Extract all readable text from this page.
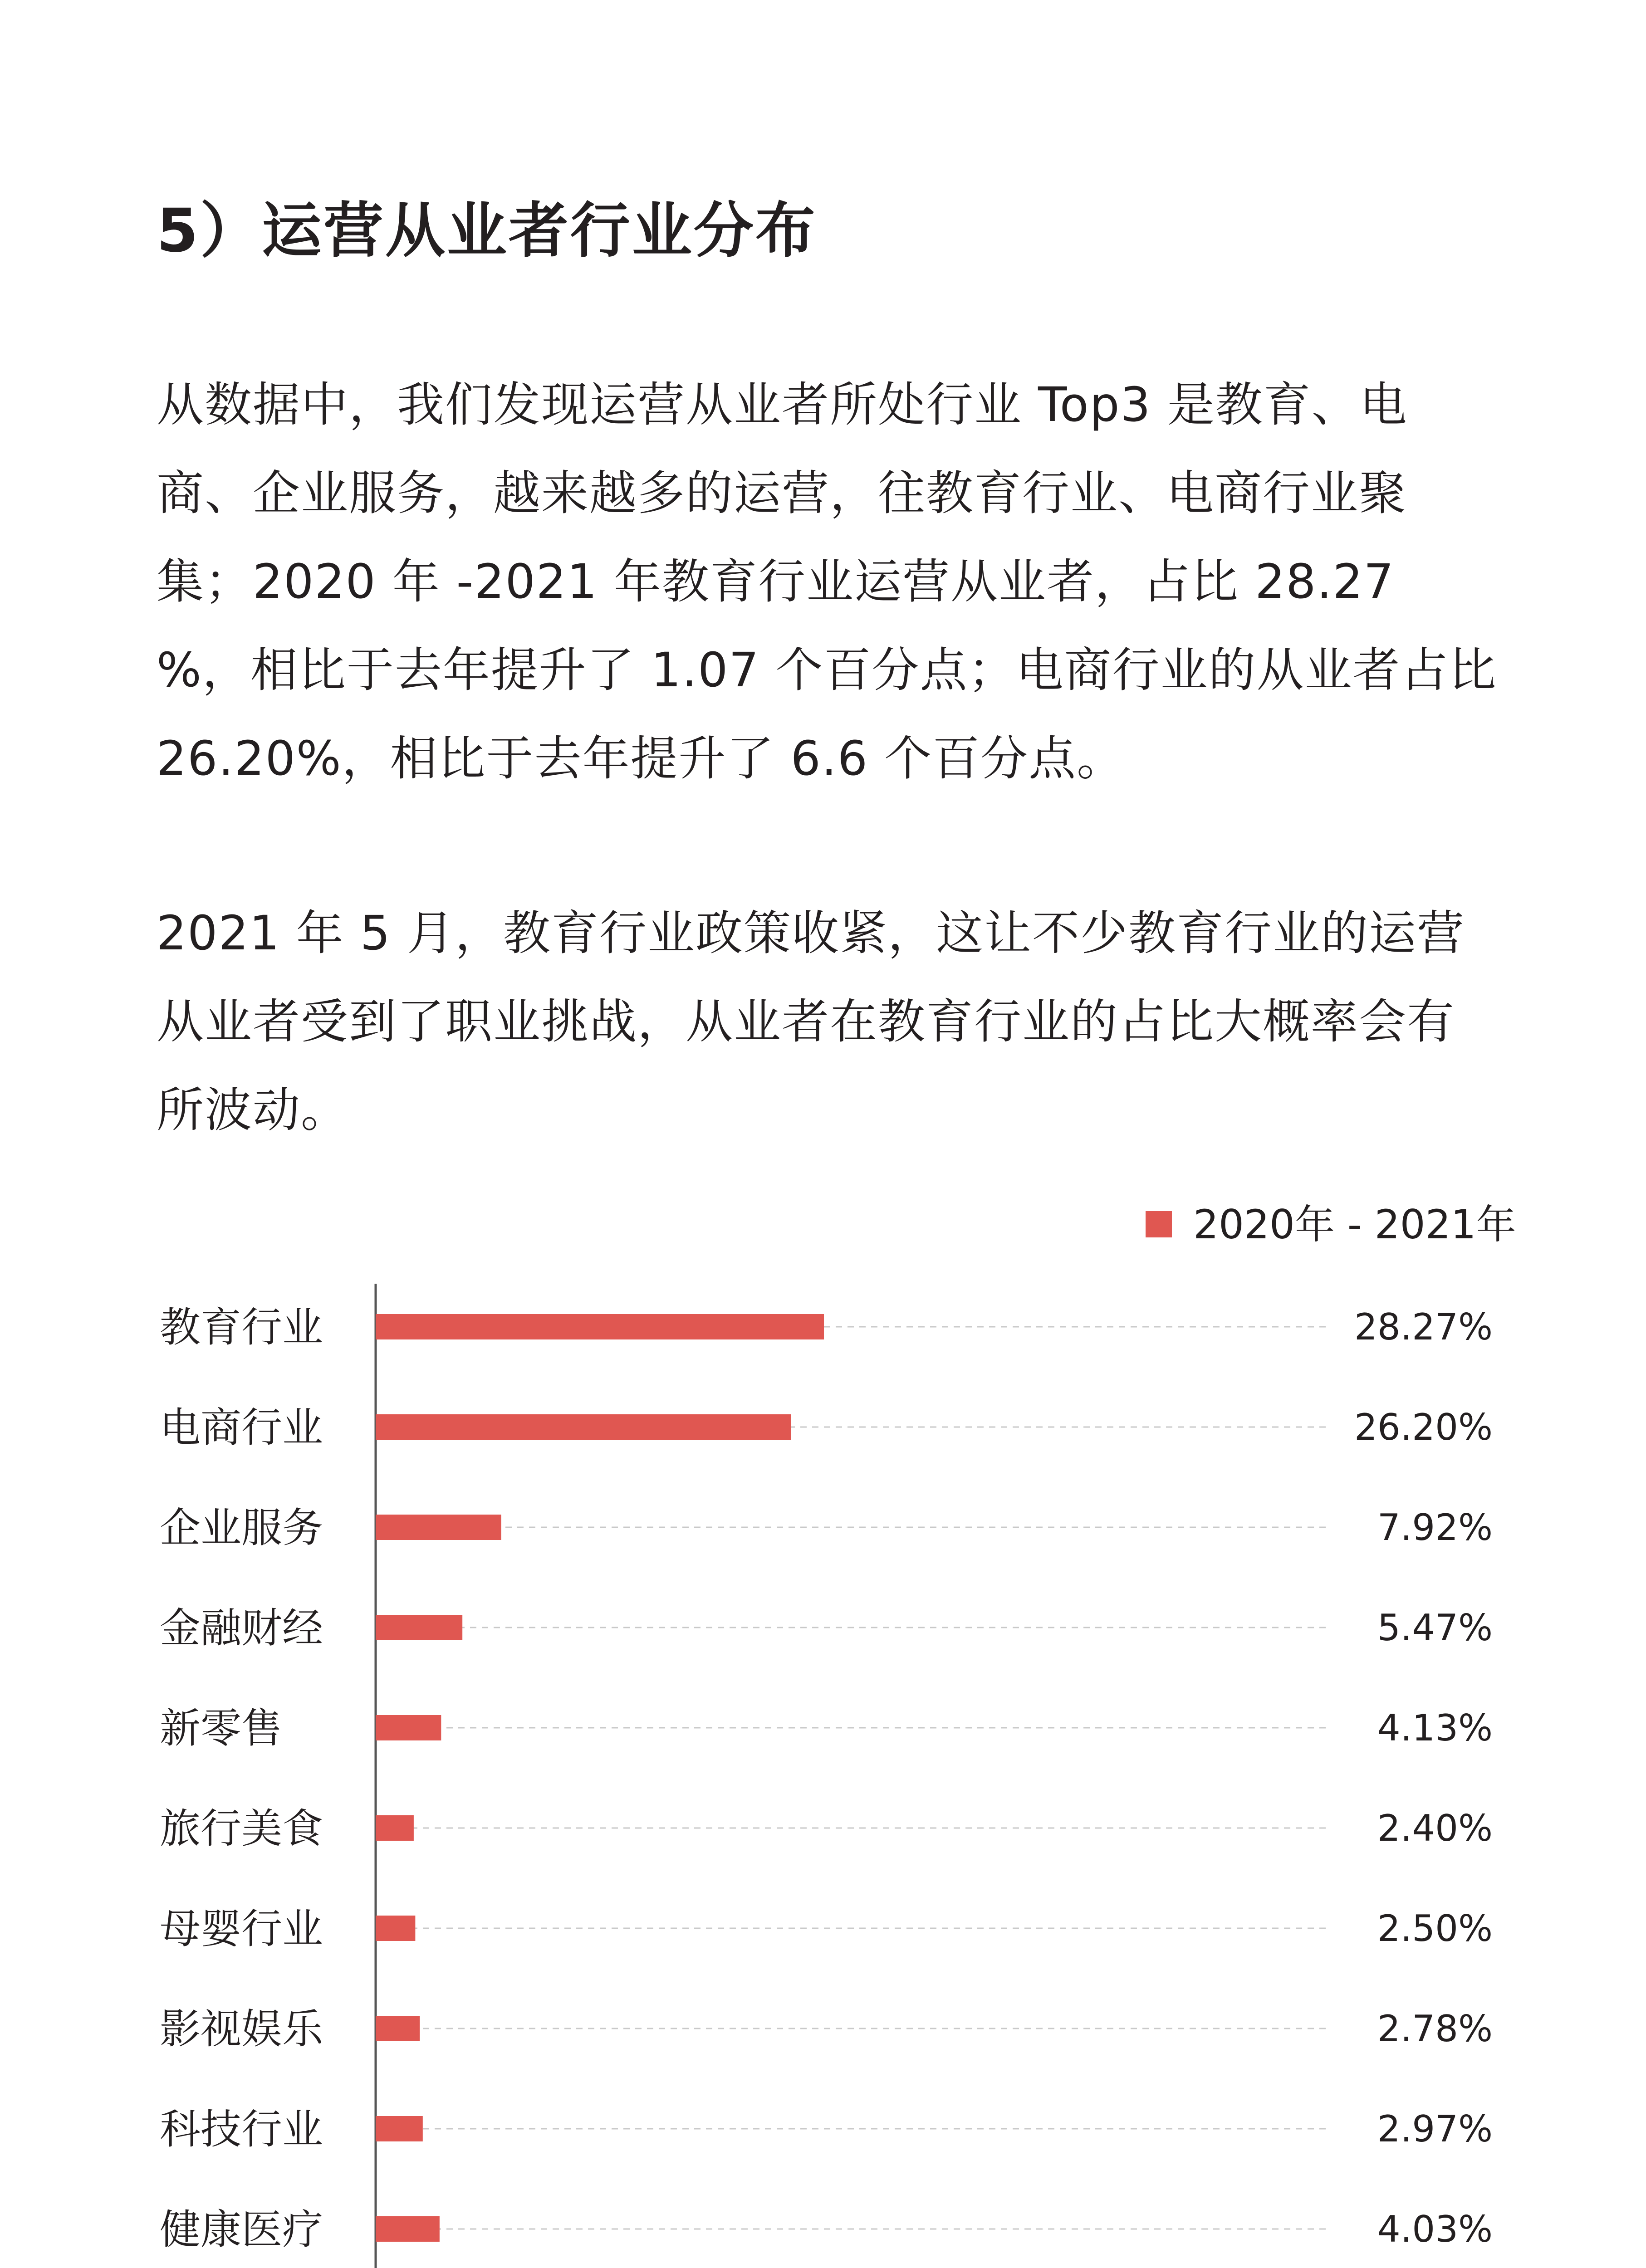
5）运营从业者行业分布

从数据中，我们发现运营从业者所处行业 Top3 是教育、电商、企业服务，越来越多的运营，往教育行业、电商行业聚集；2020 年 -2021 年教育行业运营从业者，占比 28.27 %，相比于去年提升了 1.07 个百分点；电商行业的从业者占比26.20%，相比于去年提升了 6.6 个百分点。

2021 年 5 月，教育行业政策收紧，这让不少教育行业的运营从业者受到了职业挑战，从业者在教育行业的占比大概率会有所波动。

2020年 - 2021年
教育行业	28.27%
电商行业	26.20%
企业服务	7.92%
金融财经	5.47%
新零售	4.13%
旅行美食	2.40%
母婴行业	2.50%
影视娱乐	2.78%
科技行业	2.97%
健康医疗	4.03%
